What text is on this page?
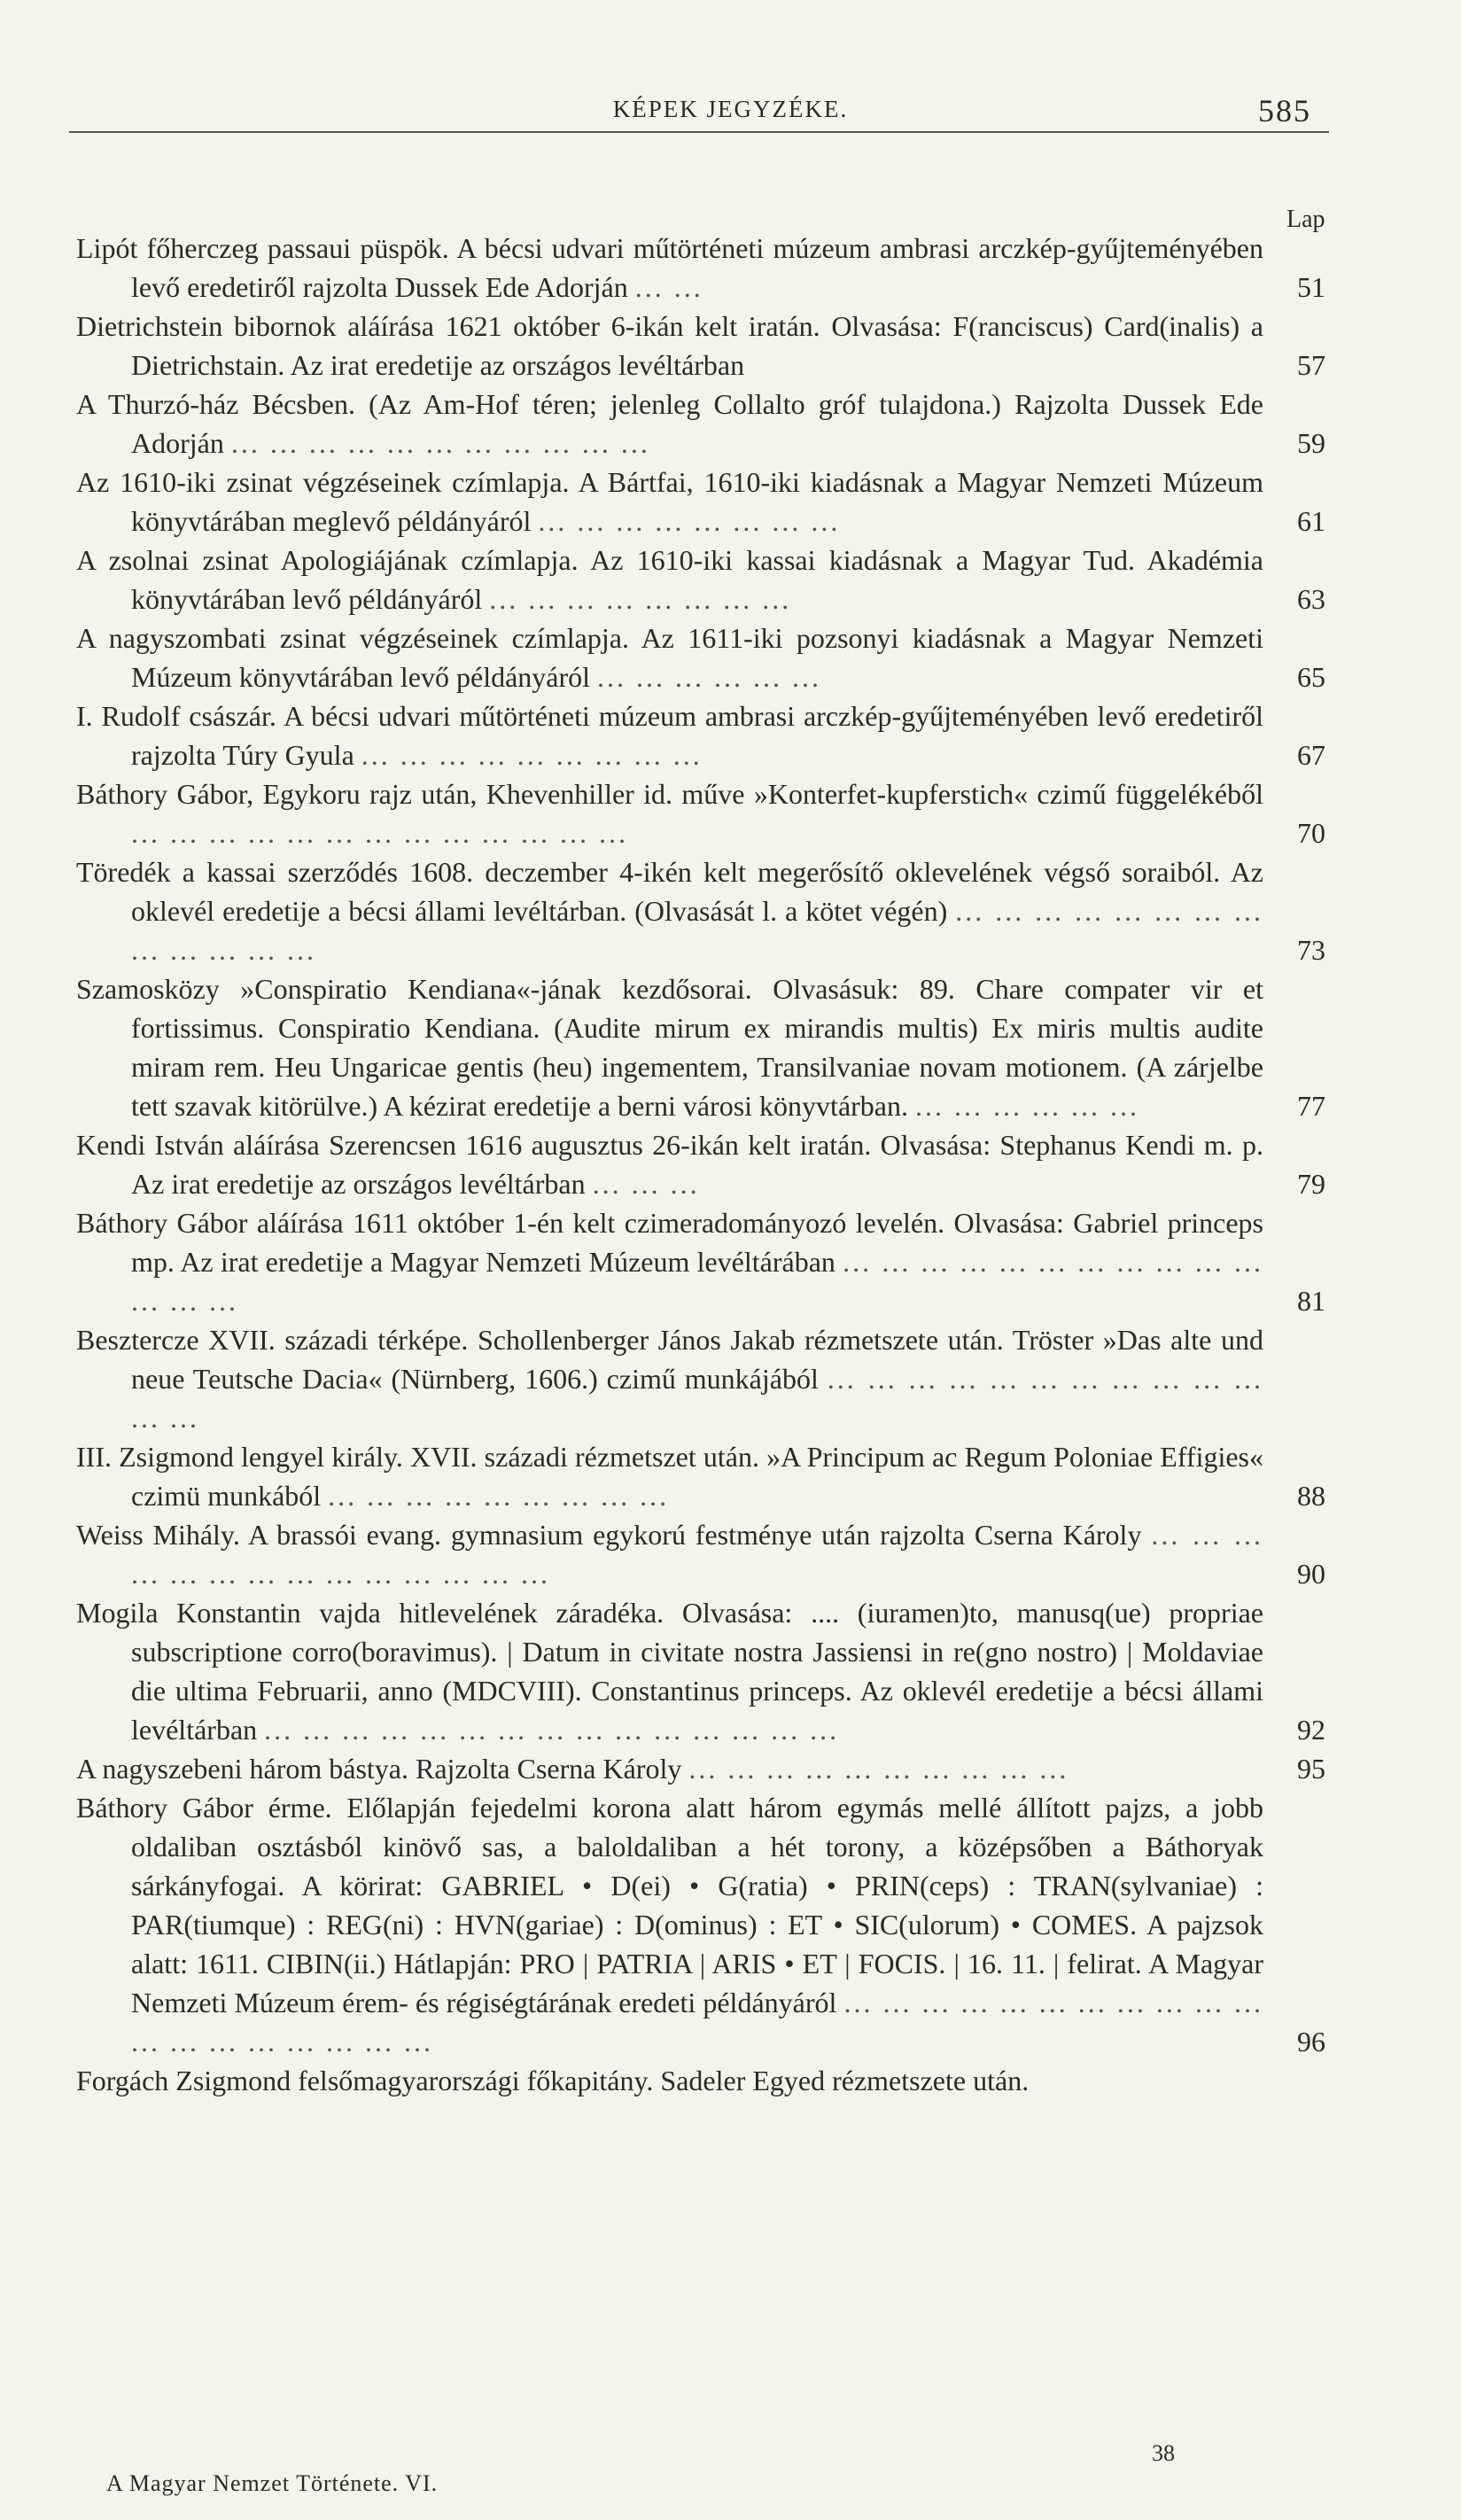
KÉPEK JEGYZÉKE.	585
Lap

Lipót főherczeg passaui püspök. A bécsi udvari műtörténeti múzeum ambrasi arczkép-gyűjteményében levő eredetiről rajzolta Dussek Ede Adorján ... ...	51

Dietrichstein bibornok aláírása 1621 október 6-ikán kelt iratán. Olvasása: F(ranciscus) Card(inalis) a Dietrichstain. Az irat eredetije az országos levéltárban	57

A Thurzó-ház Bécsben. (Az Am-Hof téren; jelenleg Collalto gróf tulajdona.) Rajzolta Dussek Ede Adorján ... ... ... ... ... ... ... ... ... ... ...	59

Az 1610-iki zsinat végzéseinek czímlapja. A Bártfai, 1610-iki kiadásnak a Magyar Nemzeti Múzeum könyvtárában meglevő példányáról ... ... ... ... ... ... ... ...	61

A zsolnai zsinat Apologiájának czímlapja. Az 1610-iki kassai kiadásnak a Magyar Tud. Akadémia könyvtárában levő példányáról ... ... ... ... ... ... ... ...	63

A nagyszombati zsinat végzéseinek czímlapja. Az 1611-iki pozsonyi kiadásnak a Magyar Nemzeti Múzeum könyvtárában levő példányáról ... ... ... ... ... ...	65

I. Rudolf császár. A bécsi udvari műtörténeti múzeum ambrasi arczkép-gyűjteményében levő eredetiről rajzolta Túry Gyula ... ... ... ... ... ... ... ... ...	67

Báthory Gábor, Egykoru rajz után, Khevenhiller id. műve »Konterfet-kupferstich« czimű függelékéből ... ... ... ... ... ... ... ... ... ... ... ... ...	70

Töredék a kassai szerződés 1608. deczember 4-ikén kelt megerősítő oklevelének végső soraiból. Az oklevél eredetije a bécsi állami levéltárban. (Olvasását l. a kötet végén) ... ... ... ... ... ... ... ... ... ... ... ... ...	73

Szamosközy »Conspiratio Kendiana«-jának kezdősorai. Olvasásuk: 89. Chare compater vir et fortissimus. Conspiratio Kendiana. (Audite mirum ex mirandis multis) Ex miris multis audite miram rem. Heu Ungaricae gentis (heu) ingementem, Transilvaniae novam motionem. (A zárjelbe tett szavak kitörülve.) A kézirat eredetije a berni városi könyvtárban. ... ... ... ... ... ...	77

Kendi István aláírása Szerencsen 1616 augusztus 26-ikán kelt iratán. Olvasása: Stephanus Kendi m. p. Az irat eredetije az országos levéltárban ... ... ...	79

Báthory Gábor aláírása 1611 október 1-én kelt czimeradományozó levelén. Olvasása: Gabriel princeps mp. Az irat eredetije a Magyar Nemzeti Múzeum levéltárában ... ... ... ... ... ... ... ... ... ... ... ... ... ...	81

Besztercze XVII. századi térképe. Schollenberger János Jakab rézmetszete után. Tröster »Das alte und neue Teutsche Dacia« (Nürnberg, 1606.) czimű munkájából ... ... ... ... ... ... ... ... ... ... ... ... ...

III. Zsigmond lengyel király. XVII. századi rézmetszet után. »A Principum ac Regum Poloniae Effigies« czimü munkából ... ... ... ... ... ... ... ... ...	88

Weiss Mihály. A brassói evang. gymnasium egykorú festménye után rajzolta Cserna Károly ... ... ... ... ... ... ... ... ... ... ... ... ... ...	90

Mogila Konstantin vajda hitlevelének záradéka. Olvasása: .... (iuramen)to, manusq(ue) propriae subscriptione corro(boravimus). | Datum in civitate nostra Jassiensi in re(gno nostro) | Moldaviae die ultima Februarii, anno (MDCVIII). Constantinus princeps. Az oklevél eredetije a bécsi állami levéltárban ... ... ... ... ... ... ... ... ... ... ... ... ... ... ...	92

A nagyszebeni három bástya. Rajzolta Cserna Károly ... ... ... ... ... ... ... ... ... ...	95

Báthory Gábor érme. Előlapján fejedelmi korona alatt három egymás mellé állított pajzs, a jobb oldaliban osztásból kinövő sas, a baloldaliban a hét torony, a középsőben a Báthoryak sárkányfogai. A körirat: GABRIEL • D(ei) • G(ratia) • PRIN(ceps) : TRAN(sylvaniae) : PAR(tiumque) : REG(ni) : HVN(gariae) : D(ominus) : ET • SIC(ulorum) • COMES. A pajzsok alatt: 1611. CIBIN(ii.) Hátlapján: PRO | PATRIA | ARIS • ET | FOCIS. | 16. 11. | felirat. A Magyar Nemzeti Múzeum érem- és régiségtárának eredeti példányáról ... ... ... ... ... ... ... ... ... ... ... ... ... ... ... ... ... ... ...	96

Forgách Zsigmond felsőmagyarországi főkapitány. Sadeler Egyed rézmetszete után.

38
A Magyar Nemzet Története. VI.
